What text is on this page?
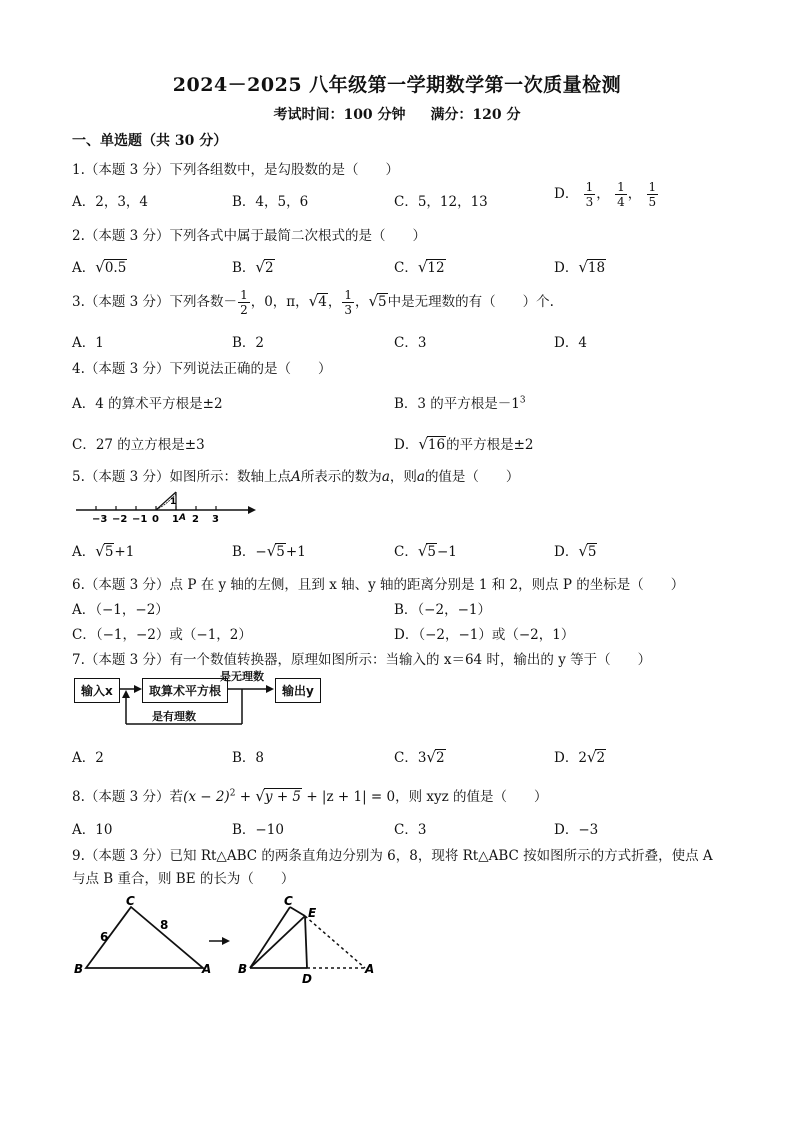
2024－2025 八年级第一学期数学第一次质量检测
考试时间：100 分钟 满分：120 分
一、单选题（共 30 分）
1.（本题 3 分）下列各组数中，是勾股数的是（　　）
A．2，3，4	B．4，5，6	C．5，12，13	D． $\frac{1}{3}$ ， $\frac{1}{4}$ ， $\frac{1}{5}$
2.（本题 3 分）下列各式中属于最简二次根式的是（　　）
A．√0.5	B．√2	C．√12	D．√18
3.（本题 3 分）下列各数－ $\frac{1}{2}$ ，0，π，√4， $\frac{1}{3}$ ，√5中是无理数的有（　　）个.
A．1	B．2	C．3	D．4
4.（本题 3 分）下列说法正确的是（　　）
A．4 的算术平方根是±2	B．3 的平方根是$-1^3$
C．27 的立方根是±3	D．√16的平方根是±2
5.（本题 3 分）如图所示：数轴上点A所表示的数为a，则a的值是（　　）
−3 −2 −1 0 1 2 3
1
A
A．√5+1	B．−√5+1	C．√5−1	D．√5
6.（本题 3 分）点 P 在 y 轴的左侧，且到 x 轴、y 轴的距离分别是 1 和 2，则点 P 的坐标是（　　）
A．（−1，−2）	B．（−2，−1）
C．（−1，−2）或（−1，2）	D．（−2，−1）或（−2，1）
7.（本题 3 分）有一个数值转换器，原理如图所示：当输入的 x＝64 时，输出的 y 等于（　　）
输入x	取算术平方根	输出y
是无理数
是有理数
A．2	B．8	C．3√2	D．2√2
8.（本题 3 分）若$(x - 2)^2 + √y + 5 + |z + 1| = 0$，则 xyz 的值是（　　）
A．10	B．−10	C．3	D．−3
9.（本题 3 分）已知 Rt△ABC 的两条直角边分别为 6，8，现将 Rt△ABC 按如图所示的方式折叠，使点 A
与点 B 重合，则 BE 的长为（　　）
C
B	A
6
8
C
E
B
D
A
